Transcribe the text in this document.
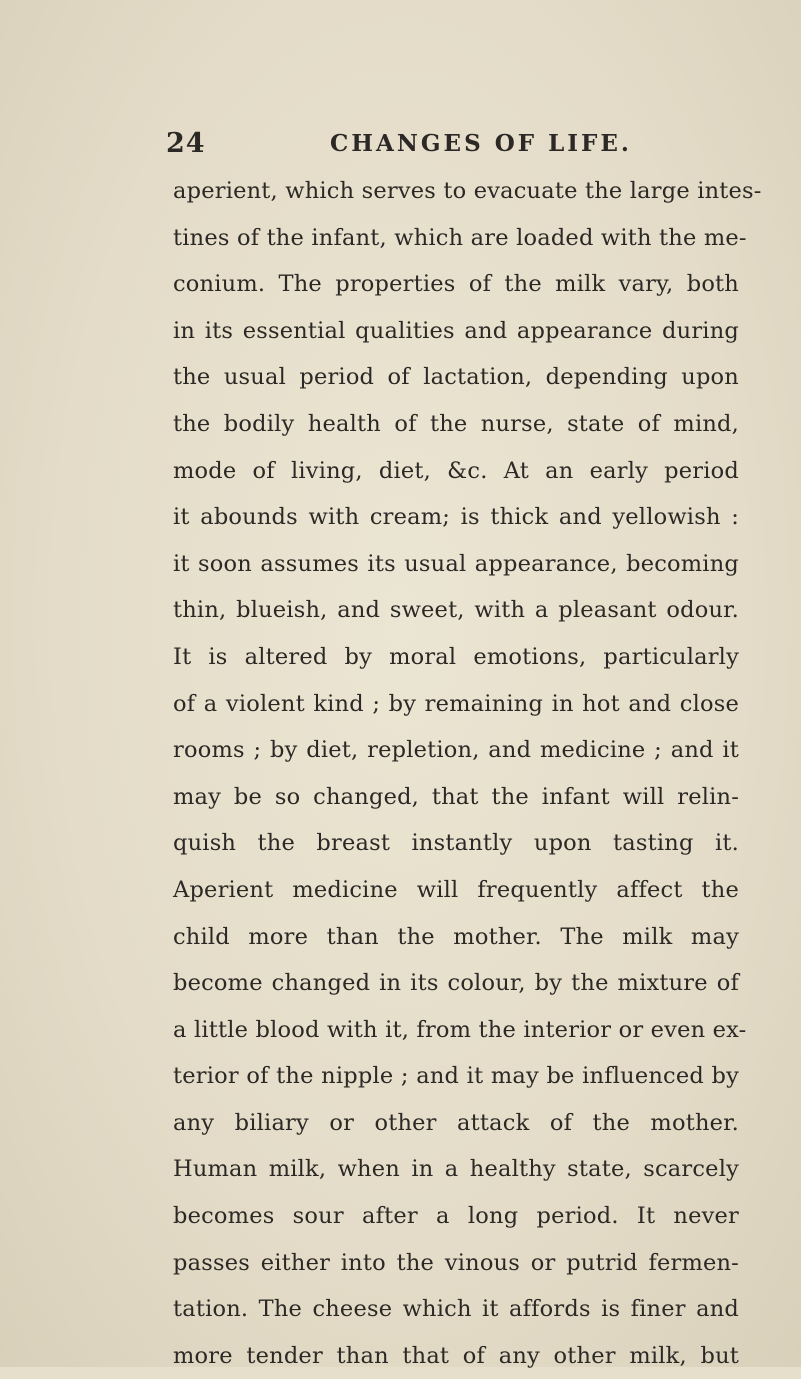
24	CHANGES OF LIFE.
aperient, which serves to evacuate the large intes-
tines of the infant, which are loaded with the me-
conium. The properties of the milk vary, both
in its essential qualities and appearance during
the usual period of lactation, depending upon
the bodily health of the nurse, state of mind,
mode of living, diet, &c. At an early period
it abounds with cream; is thick and yellowish :
it soon assumes its usual appearance, becoming
thin, blueish, and sweet, with a pleasant odour.
It is altered by moral emotions, particularly
of a violent kind ; by remaining in hot and close
rooms ; by diet, repletion, and medicine ; and it
may be so changed, that the infant will relin-
quish the breast instantly upon tasting it.
Aperient medicine will frequently affect the
child more than the mother. The milk may
become changed in its colour, by the mixture of
a little blood with it, from the interior or even ex-
terior of the nipple ; and it may be influenced by
any biliary or other attack of the mother.
Human milk, when in a healthy state, scarcely
becomes sour after a long period. It never
passes either into the vinous or putrid fermen-
tation. The cheese which it affords is finer and
more tender than that of any other milk, but
